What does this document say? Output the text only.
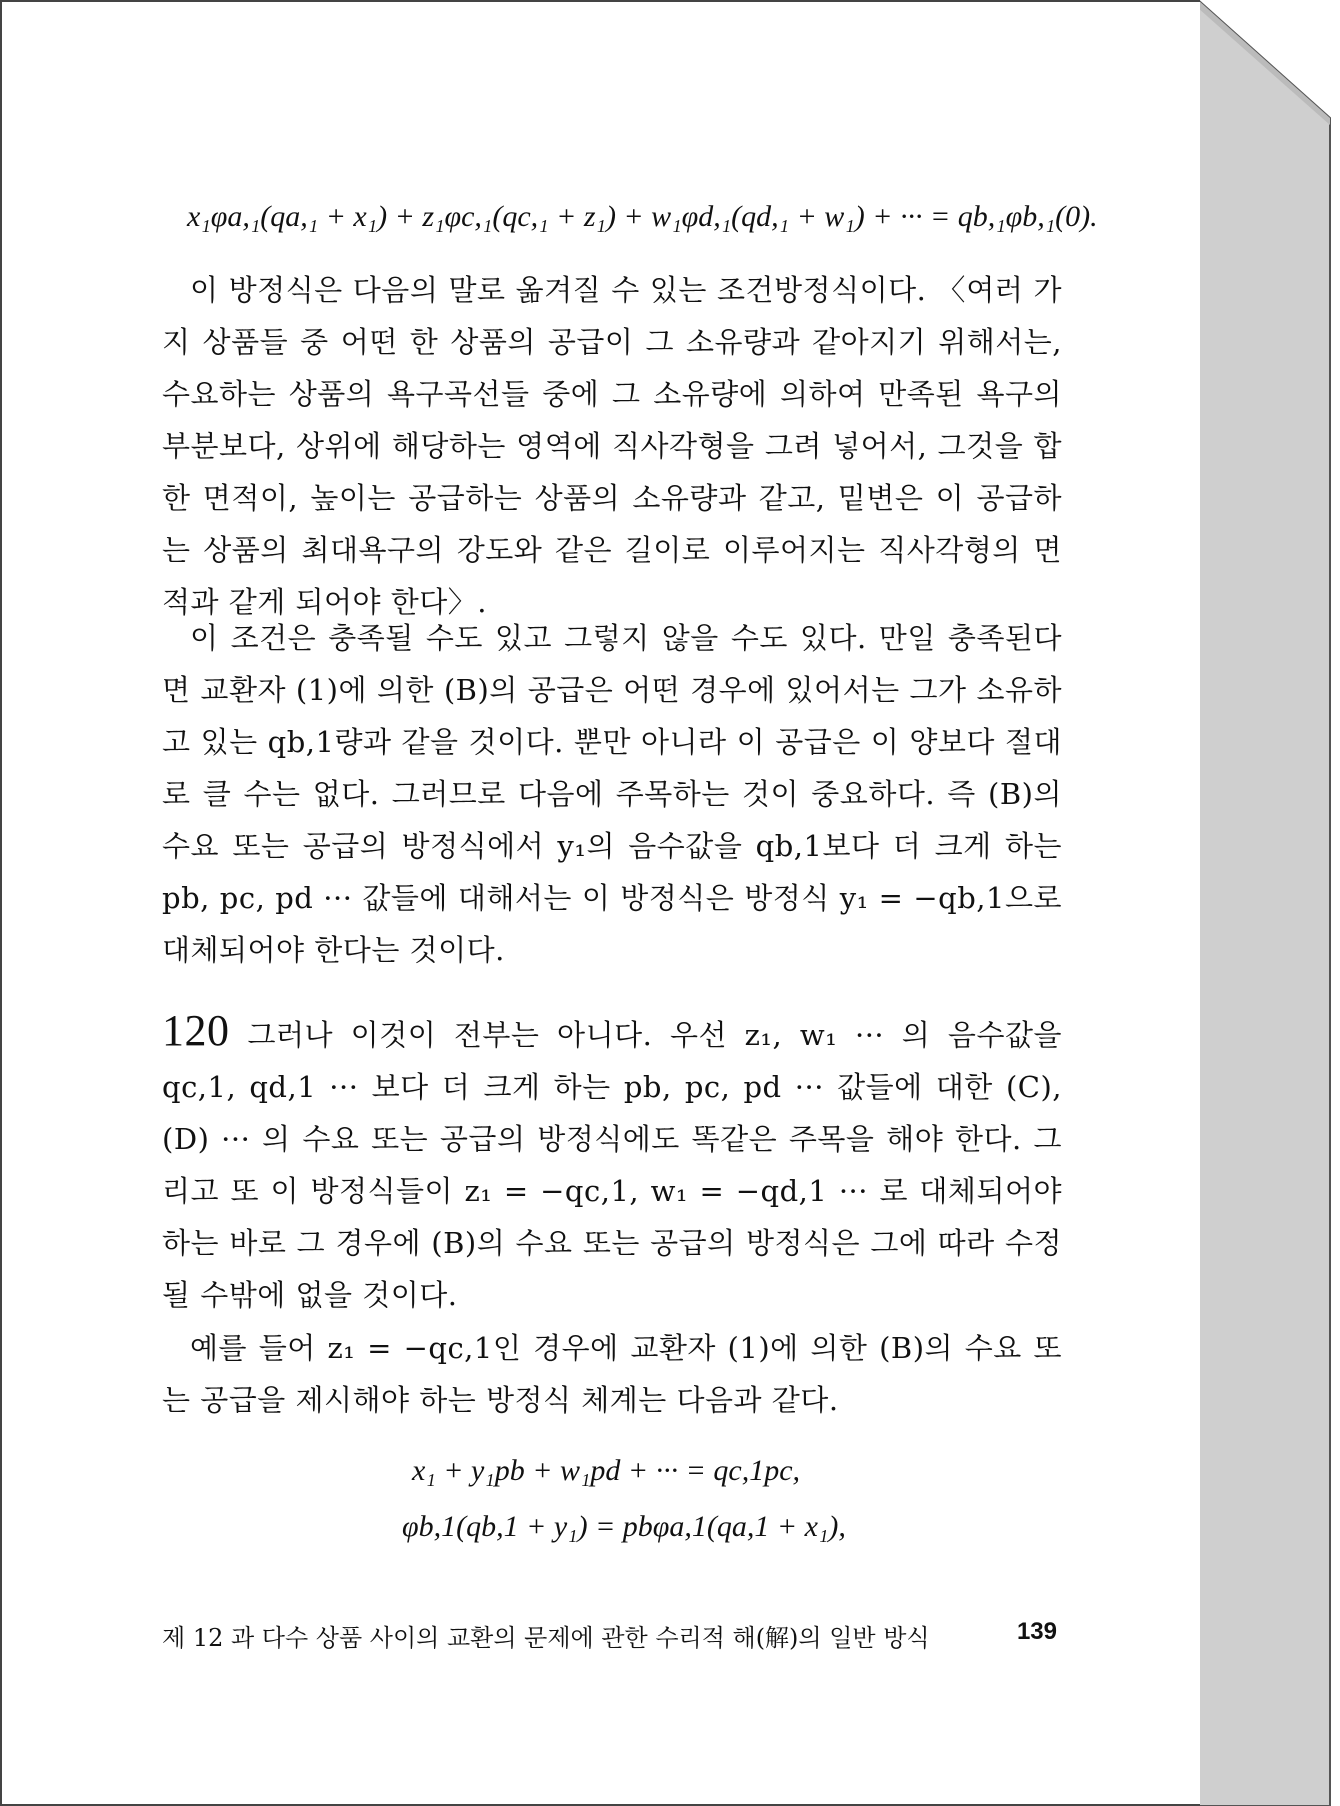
x₁φa,₁(qa,₁ + x₁) + z₁φc,₁(qc,₁ + z₁) + w₁φd,₁(qd,₁ + w₁) + ··· = qb,₁φb,₁(0).
이 방정식은 다음의 말로 옮겨질 수 있는 조건방정식이다. 〈여러 가지 상품들 중 어떤 한 상품의 공급이 그 소유량과 같아지기 위해서는, 수요하는 상품의 욕구곡선들 중에 그 소유량에 의하여 만족된 욕구의 부분보다, 상위에 해당하는 영역에 직사각형을 그려 넣어서, 그것을 합한 면적이, 높이는 공급하는 상품의 소유량과 같고, 밑변은 이 공급하는 상품의 최대욕구의 강도와 같은 길이로 이루어지는 직사각형의 면적과 같게 되어야 한다〉.
이 조건은 충족될 수도 있고 그렇지 않을 수도 있다. 만일 충족된다면 교환자 (1)에 의한 (B)의 공급은 어떤 경우에 있어서는 그가 소유하고 있는 qb,1량과 같을 것이다. 뿐만 아니라 이 공급은 이 양보다 절대로 클 수는 없다. 그러므로 다음에 주목하는 것이 중요하다. 즉 (B)의 수요 또는 공급의 방정식에서 y₁의 음수값을 qb,1보다 더 크게 하는 pb, pc, pd ··· 값들에 대해서는 이 방정식은 방정식 y₁ = −qb,1으로 대체되어야 한다는 것이다.
120 그러나 이것이 전부는 아니다. 우선 z₁, w₁ ··· 의 음수값을 qc,1, qd,1 ··· 보다 더 크게 하는 pb, pc, pd ··· 값들에 대한 (C), (D) ··· 의 수요 또는 공급의 방정식에도 똑같은 주목을 해야 한다. 그리고 또 이 방정식들이 z₁ = −qc,1, w₁ = −qd,1 ··· 로 대체되어야 하는 바로 그 경우에 (B)의 수요 또는 공급의 방정식은 그에 따라 수정될 수밖에 없을 것이다.
예를 들어 z₁ = −qc,1인 경우에 교환자 (1)에 의한 (B)의 수요 또는 공급을 제시해야 하는 방정식 체계는 다음과 같다.
x₁ + y₁pb + w₁pd + ··· = qc,1pc,
φb,1(qb,1 + y₁) = pbφa,1(qa,1 + x₁),
제 12 과 다수 상품 사이의 교환의 문제에 관한 수리적 해(解)의 일반 방식	139
